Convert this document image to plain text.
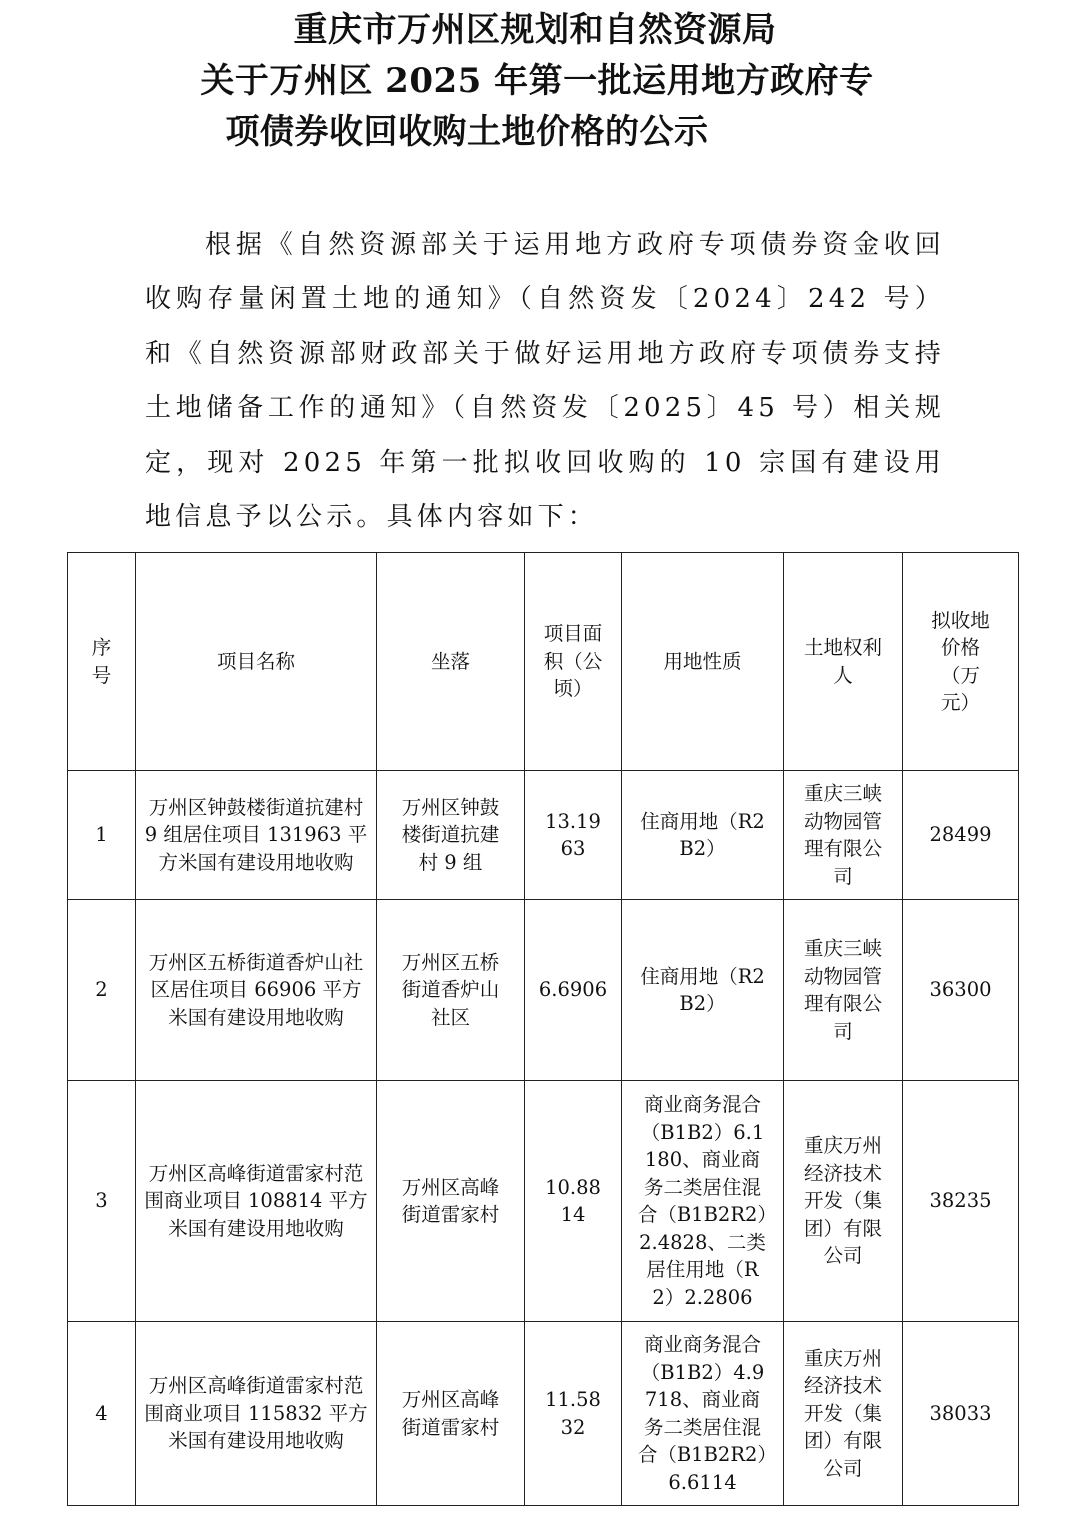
重庆市万州区规划和自然资源局
关于万州区 2025 年第一批运用地方政府专
项债券收回收购土地价格的公示
根据《自然资源部关于运用地方政府专项债券资金收回收购存量闲置土地的通知》（自然资发〔2024〕242 号）和《自然资源部财政部关于做好运用地方政府专项债券支持土地储备工作的通知》（自然资发〔2025〕45 号）相关规定，现对 2025 年第一批拟收回收购的 10 宗国有建设用地信息予以公示。具体内容如下：
序号	项目名称	坐落	项目面积（公顷）	用地性质	土地权利人	拟收地价格（万元）

1	万州区钟鼓楼街道抗建村 9 组居住项目 131963 平方米国有建设用地收购	万州区钟鼓楼街道抗建村 9 组	13.1963	住商用地（R2B2）	重庆三峡动物园管理有限公司	28499
2	万州区五桥街道香炉山社区居住项目 66906 平方米国有建设用地收购	万州区五桥街道香炉山社区	6.6906	住商用地（R2B2）	重庆三峡动物园管理有限公司	36300
3	万州区高峰街道雷家村范围商业项目 108814 平方米国有建设用地收购	万州区高峰街道雷家村	10.8814	商业商务混合（B1B2）6.1180、商业商务二类居住混合（B1B2R2）2.4828、二类居住用地（R2）2.2806	重庆万州经济技术开发（集团）有限公司	38235
4	万州区高峰街道雷家村范围商业项目 115832 平方米国有建设用地收购	万州区高峰街道雷家村	11.5832	商业商务混合（B1B2）4.9718、商业商务二类居住混合（B1B2R2）6.6114	重庆万州经济技术开发（集团）有限公司	38033
